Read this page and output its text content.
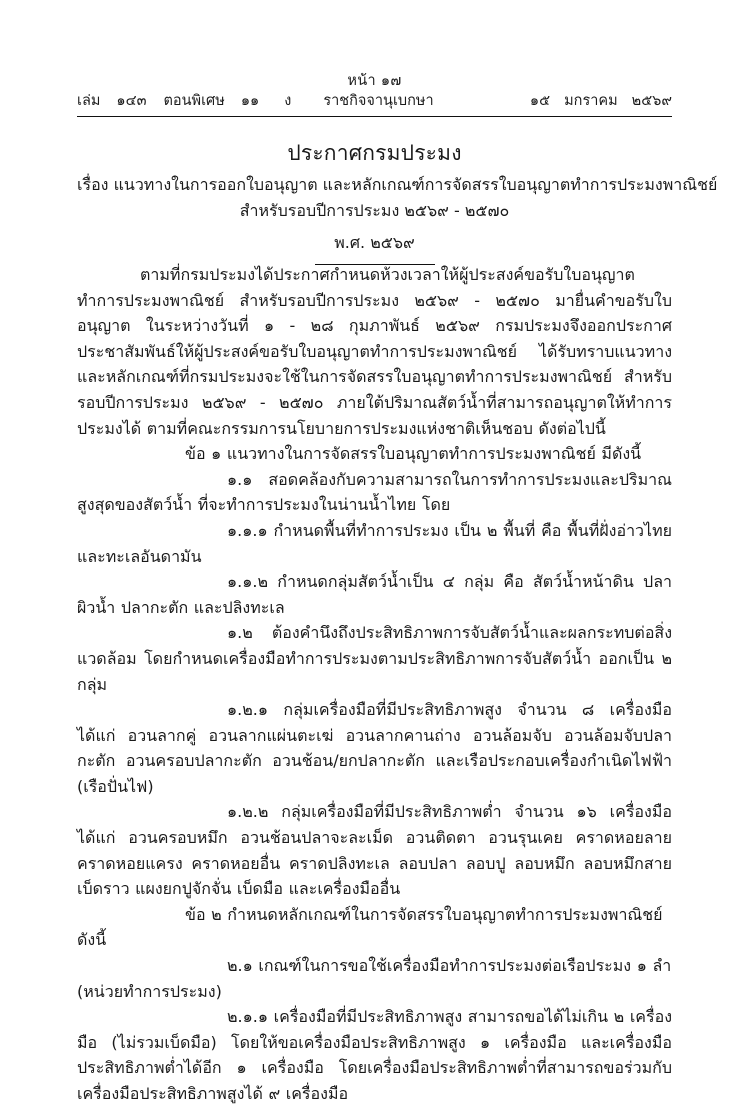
หน้า ๑๗
เล่ม ๑๔๓ ตอนพิเศษ ๑๑ ง ราชกิจจานุเบกษา	๑๕ มกราคม ๒๕๖๙
ประกาศกรมประมง
เรื่อง แนวทางในการออกใบอนุญาต และหลักเกณฑ์การจัดสรรใบอนุญาตทำการประมงพาณิชย์
สำหรับรอบปีการประมง ๒๕๖๙ - ๒๕๗๐
พ.ศ. ๒๕๖๙

ตามที่กรมประมงได้ประกาศกำหนดห้วงเวลาให้ผู้ประสงค์ขอรับใบอนุญาตทำการประมงพาณิชย์ สำหรับรอบปีการประมง ๒๕๖๙ - ๒๕๗๐ มายื่นคำขอรับใบอนุญาต ในระหว่างวันที่ ๑ - ๒๘ กุมภาพันธ์ ๒๕๖๙ กรมประมงจึงออกประกาศประชาสัมพันธ์ให้ผู้ประสงค์ขอรับใบอนุญาตทำการประมงพาณิชย์ ได้รับทราบแนวทางและหลักเกณฑ์ที่กรมประมงจะใช้ในการจัดสรรใบอนุญาตทำการประมงพาณิชย์ สำหรับรอบปีการประมง ๒๕๖๙ - ๒๕๗๐ ภายใต้ปริมาณสัตว์น้ำที่สามารถอนุญาตให้ทำการประมงได้ ตามที่คณะกรรมการนโยบายการประมงแห่งชาติเห็นชอบ ดังต่อไปนี้

ข้อ ๑ แนวทางในการจัดสรรใบอนุญาตทำการประมงพาณิชย์ มีดังนี้

๑.๑ สอดคล้องกับความสามารถในการทำการประมงและปริมาณสูงสุดของสัตว์น้ำ ที่จะทำการประมงในน่านน้ำไทย โดย

๑.๑.๑ กำหนดพื้นที่ทำการประมง เป็น ๒ พื้นที่ คือ พื้นที่ฝั่งอ่าวไทย และทะเลอันดามัน

๑.๑.๒ กำหนดกลุ่มสัตว์น้ำเป็น ๔ กลุ่ม คือ สัตว์น้ำหน้าดิน ปลาผิวน้ำ ปลากะตัก และปลิงทะเล

๑.๒ ต้องคำนึงถึงประสิทธิภาพการจับสัตว์น้ำและผลกระทบต่อสิ่งแวดล้อม โดยกำหนดเครื่องมือทำการประมงตามประสิทธิภาพการจับสัตว์น้ำ ออกเป็น ๒ กลุ่ม

๑.๒.๑ กลุ่มเครื่องมือที่มีประสิทธิภาพสูง จำนวน ๘ เครื่องมือ ได้แก่ อวนลากคู่ อวนลากแผ่นตะเฆ่ อวนลากคานถ่าง อวนล้อมจับ อวนล้อมจับปลากะตัก อวนครอบปลากะตัก อวนช้อน/ยกปลากะตัก และเรือประกอบเครื่องกำเนิดไฟฟ้า (เรือปั่นไฟ)

๑.๒.๒ กลุ่มเครื่องมือที่มีประสิทธิภาพต่ำ จำนวน ๑๖ เครื่องมือ ได้แก่ อวนครอบหมึก อวนช้อนปลาจะละเม็ด อวนติดตา อวนรุนเคย คราดหอยลาย คราดหอยแครง คราดหอยอื่น คราดปลิงทะเล ลอบปลา ลอบปู ลอบหมึก ลอบหมึกสาย เบ็ดราว แผงยกปูจักจั่น เบ็ดมือ และเครื่องมืออื่น

ข้อ ๒ กำหนดหลักเกณฑ์ในการจัดสรรใบอนุญาตทำการประมงพาณิชย์ ดังนี้

๒.๑ เกณฑ์ในการขอใช้เครื่องมือทำการประมงต่อเรือประมง ๑ ลำ (หน่วยทำการประมง)

๒.๑.๑ เครื่องมือที่มีประสิทธิภาพสูง สามารถขอได้ไม่เกิน ๒ เครื่องมือ (ไม่รวมเบ็ดมือ) โดยให้ขอเครื่องมือประสิทธิภาพสูง ๑ เครื่องมือ และเครื่องมือประสิทธิภาพต่ำได้อีก ๑ เครื่องมือ โดยเครื่องมือประสิทธิภาพต่ำที่สามารถขอร่วมกับเครื่องมือประสิทธิภาพสูงได้ ๙ เครื่องมือ
